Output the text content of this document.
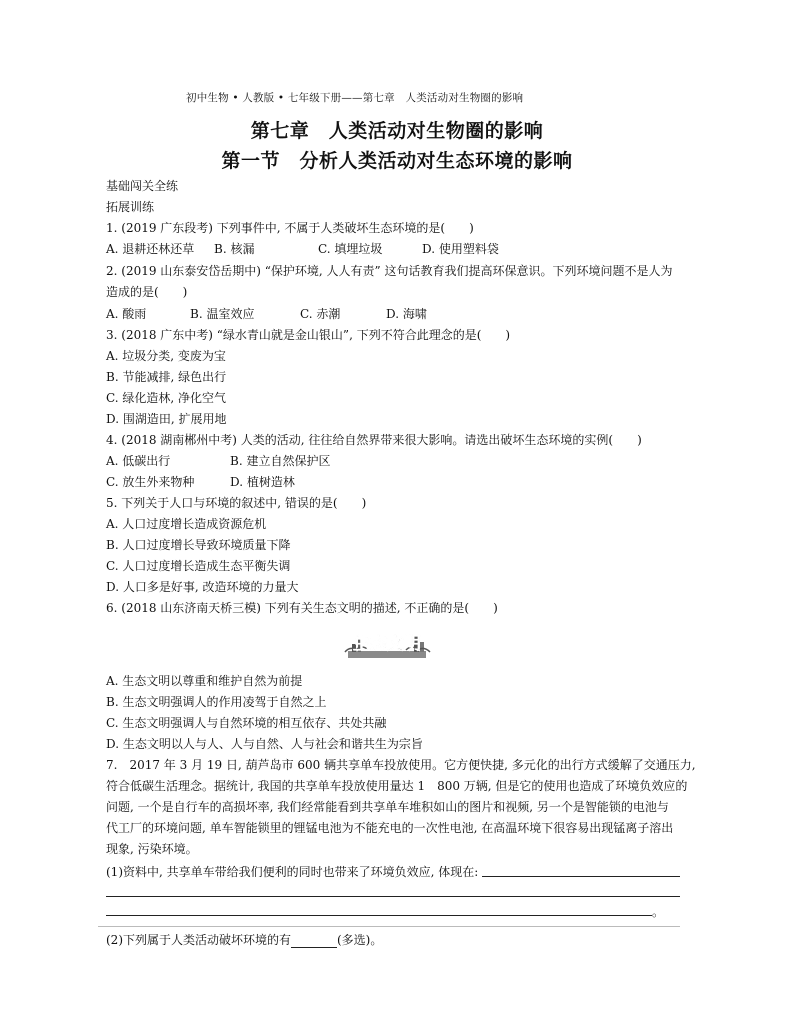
初中生物 • 人教版 • 七年级下册——第七章　人类活动对生物圈的影响
第七章　人类活动对生物圈的影响
第一节　分析人类活动对生态环境的影响
基础闯关全练
拓展训练
1. (2019 广东段考) 下列事件中, 不属于人类破坏生态环境的是(　　)
A. 退耕还林还草 B. 核漏	C. 填埋垃圾	D. 使用塑料袋
2. (2019 山东泰安岱岳期中) “保护环境, 人人有责” 这句话教育我们提高环保意识。下列环境问题不是人为
造成的是(　　)
A. 酸雨	B. 温室效应	C. 赤潮	D. 海啸
3. (2018 广东中考) “绿水青山就是金山银山”, 下列不符合此理念的是(　　)
A. 垃圾分类, 变废为宝
B. 节能减排, 绿色出行
C. 绿化造林, 净化空气
D. 围湖造田, 扩展用地
4. (2018 湖南郴州中考) 人类的活动, 往往给自然界带来很大影响。请选出破坏生态环境的实例(　　)
A. 低碳出行	B. 建立自然保护区
C. 放生外来物种	D. 植树造林
5. 下列关于人口与环境的叙述中, 错误的是(　　)
A. 人口过度增长造成资源危机
B. 人口过度增长导致环境质量下降
C. 人口过度增长造成生态平衡失调
D. 人口多是好事, 改造环境的力量大
6. (2018 山东济南天桥三模) 下列有关生态文明的描述, 不正确的是(　　)
生态文明
A. 生态文明以尊重和维护自然为前提
B. 生态文明强调人的作用凌驾于自然之上
C. 生态文明强调人与自然环境的相互依存、共处共融
D. 生态文明以人与人、人与自然、人与社会和谐共生为宗旨
7.　2017 年 3 月 19 日, 葫芦岛市 600 辆共享单车投放使用。它方便快捷, 多元化的出行方式缓解了交通压力,
符合低碳生活理念。据统计, 我国的共享单车投放使用量达 1　800 万辆, 但是它的使用也造成了环境负效应的
问题, 一个是自行车的高损坏率, 我们经常能看到共享单车堆积如山的图片和视频, 另一个是智能锁的电池与
代工厂的环境问题, 单车智能锁里的锂锰电池为不能充电的一次性电池, 在高温环境下很容易出现锰离子溶出
现象, 污染环境。
(1)资料中, 共享单车带给我们便利的同时也带来了环境负效应, 体现在:
。
(2)下列属于人类活动破坏环境的有	(多选)。
